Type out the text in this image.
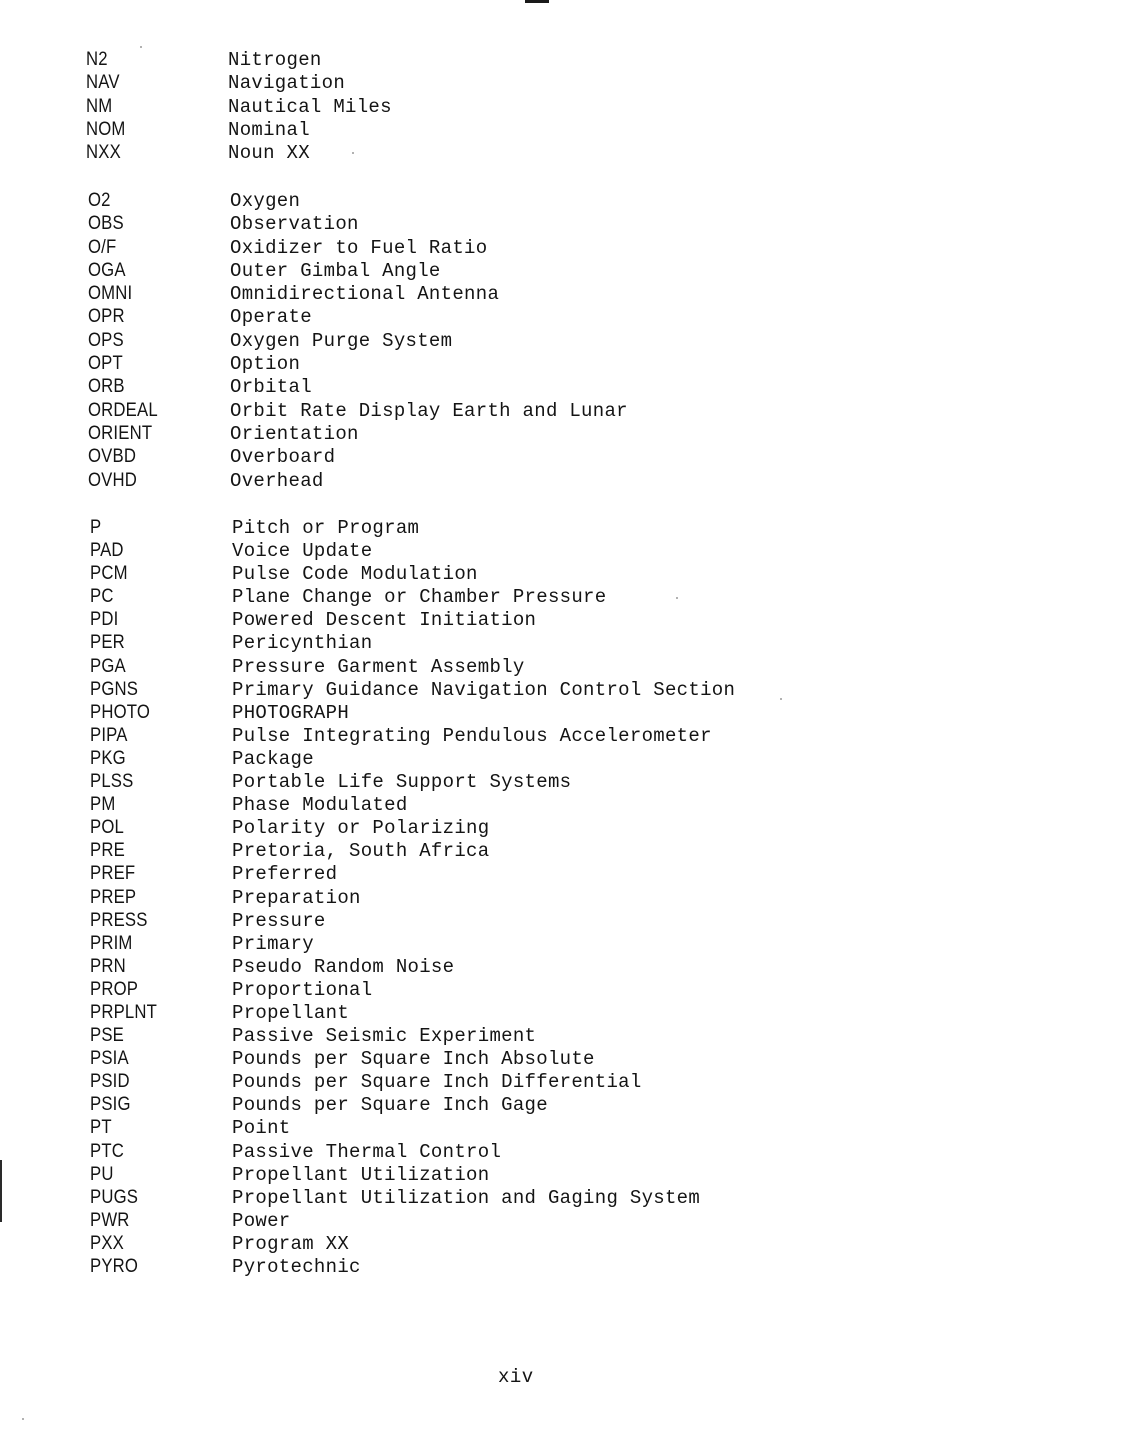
N2	Nitrogen
NAV	Navigation
NM	Nautical Miles
NOM	Nominal
NXX	Noun XX
O2	Oxygen
OBS	Observation
O/F	Oxidizer to Fuel Ratio
OGA	Outer Gimbal Angle
OMNI	Omnidirectional Antenna
OPR	Operate
OPS	Oxygen Purge System
OPT	Option
ORB	Orbital
ORDEAL	Orbit Rate Display Earth and Lunar
ORIENT	Orientation
OVBD	Overboard
OVHD	Overhead
P	Pitch or Program
PAD	Voice Update
PCM	Pulse Code Modulation
PC	Plane Change or Chamber Pressure
PDI	Powered Descent Initiation
PER	Pericynthian
PGA	Pressure Garment Assembly
PGNS	Primary Guidance Navigation Control Section
PHOTO	PHOTOGRAPH
PIPA	Pulse Integrating Pendulous Accelerometer
PKG	Package
PLSS	Portable Life Support Systems
PM	Phase Modulated
POL	Polarity or Polarizing
PRE	Pretoria, South Africa
PREF	Preferred
PREP	Preparation
PRESS	Pressure
PRIM	Primary
PRN	Pseudo Random Noise
PROP	Proportional
PRPLNT	Propellant
PSE	Passive Seismic Experiment
PSIA	Pounds per Square Inch Absolute
PSID	Pounds per Square Inch Differential
PSIG	Pounds per Square Inch Gage
PT	Point
PTC	Passive Thermal Control
PU	Propellant Utilization
PUGS	Propellant Utilization and Gaging System
PWR	Power
PXX	Program XX
PYRO	Pyrotechnic
xiv
